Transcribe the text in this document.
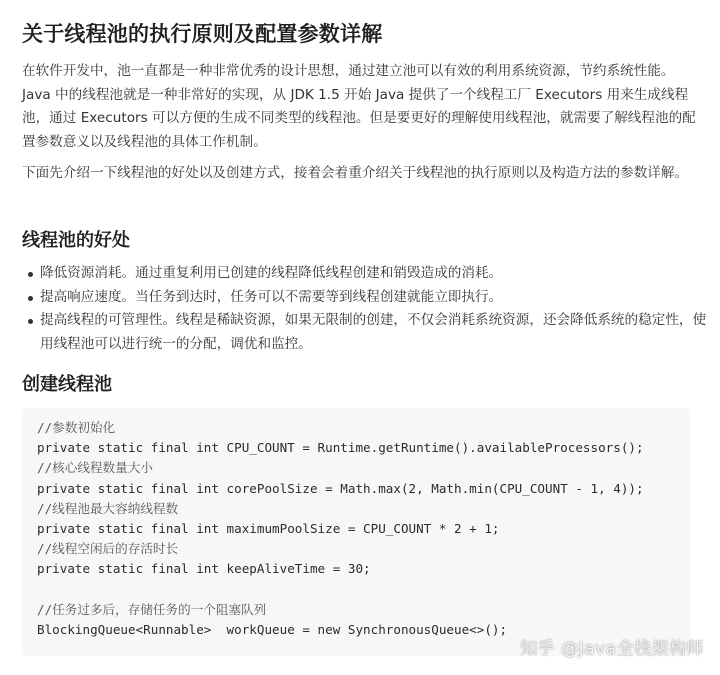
关于线程池的执行原则及配置参数详解

在软件开发中，池一直都是一种非常优秀的设计思想，通过建立池可以有效的利用系统资源，节约系统性能。Java 中的线程池就是一种非常好的实现，从 JDK 1.5 开始 Java 提供了一个线程工厂 Executors 用来生成线程池，通过 Executors 可以方便的生成不同类型的线程池。但是要更好的理解使用线程池，就需要了解线程池的配置参数意义以及线程池的具体工作机制。

下面先介绍一下线程池的好处以及创建方式，接着会着重介绍关于线程池的执行原则以及构造方法的参数详解。

线程池的好处
降低资源消耗。通过重复利用已创建的线程降低线程创建和销毁造成的消耗。
提高响应速度。当任务到达时，任务可以不需要等到线程创建就能立即执行。
提高线程的可管理性。线程是稀缺资源，如果无限制的创建，不仅会消耗系统资源，还会降低系统的稳定性，使用线程池可以进行统一的分配，调优和监控。
创建线程池
//参数初始化
private static final int CPU_COUNT = Runtime.getRuntime().availableProcessors();
//核心线程数量大小
private static final int corePoolSize = Math.max(2, Math.min(CPU_COUNT - 1, 4));
//线程池最大容纳线程数
private static final int maximumPoolSize = CPU_COUNT * 2 + 1;
//线程空闲后的存活时长
private static final int keepAliveTime = 30;
//任务过多后，存储任务的一个阻塞队列
BlockingQueue<Runnable>  workQueue = new SynchronousQueue<>();
知乎 @Java全栈架构师
